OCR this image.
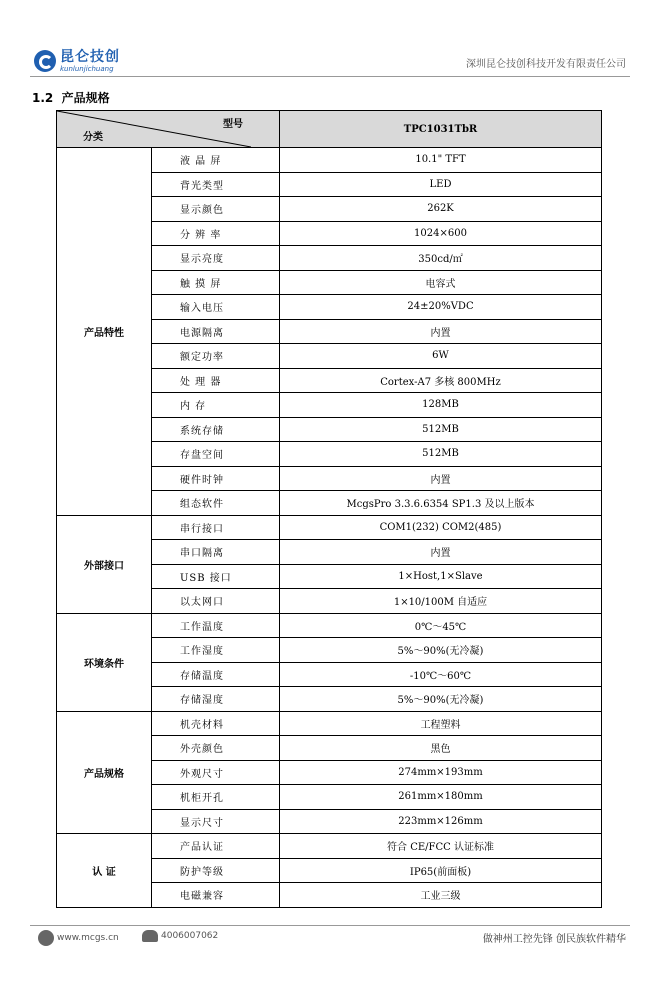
昆仑技创
kunlunjichuang	深圳昆仑技创科技开发有限责任公司
1.2 产品规格
型号
分类		TPC1031TbR
产品特性	液 晶 屏	10.1" TFT
	背光类型	LED
	显示颜色	262K
	分 辨 率	1024×600
	显示亮度	350cd/㎡
	触 摸 屏	电容式
	输入电压	24±20%VDC
	电源隔离	内置
	额定功率	6W
	处 理 器	Cortex-A7 多核 800MHz
	内 存	128MB
	系统存储	512MB
	存盘空间	512MB
	硬件时钟	内置
	组态软件	McgsPro 3.3.6.6354 SP1.3 及以上版本
外部接口	串行接口	COM1(232) COM2(485)
	串口隔离	内置
	USB 接口	1×Host,1×Slave
	以太网口	1×10/100M 自适应
环境条件	工作温度	0℃～45℃
	工作湿度	5%～90%(无冷凝)
	存储温度	-10℃～60℃
	存储湿度	5%～90%(无冷凝)
产品规格	机壳材料	工程塑料
	外壳颜色	黑色
	外观尺寸	274mm×193mm
	机柜开孔	261mm×180mm
	显示尺寸	223mm×126mm
认 证	产品认证	符合 CE/FCC 认证标准
	防护等级	IP65(前面板)
	电磁兼容	工业三级
www.mcgs.cn	4006007062	做神州工控先锋 创民族软件精华
